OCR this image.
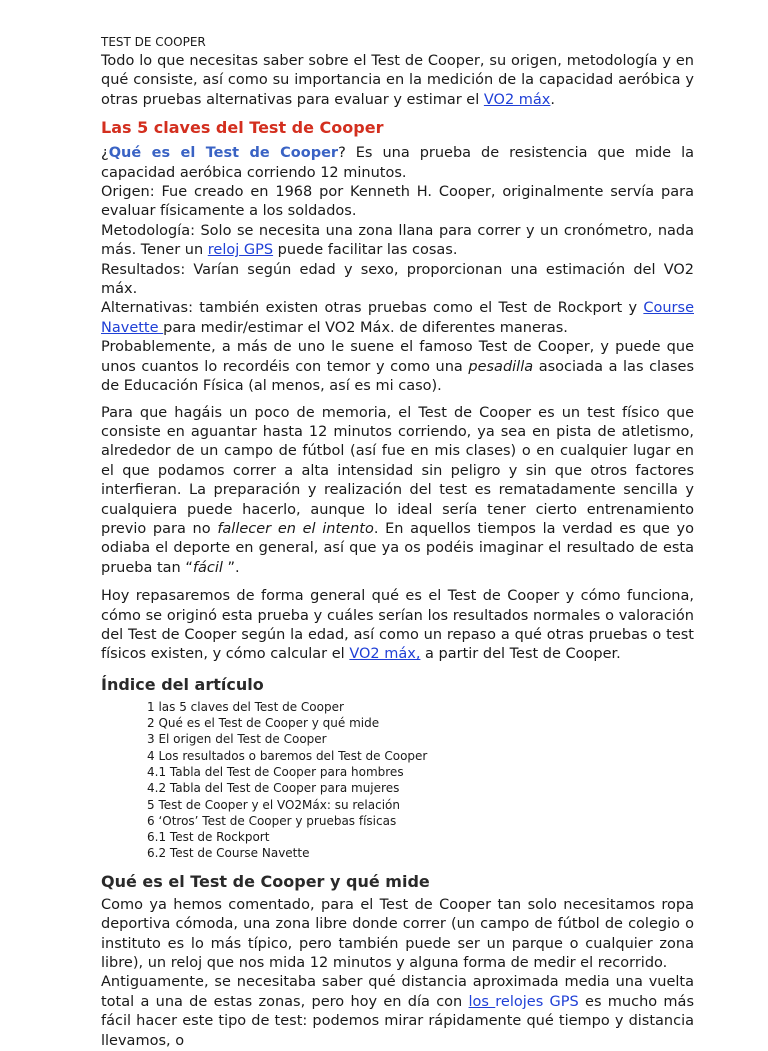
TEST DE COOPER

Todo lo que necesitas saber sobre el Test de Cooper, su origen, metodología y en qué consiste, así como su importancia en la medición de la capacidad aeróbica y otras pruebas alternativas para evaluar y estimar el VO2 máx.

Las 5 claves del Test de Cooper

¿Qué es el Test de Cooper? Es una prueba de resistencia que mide la capacidad aeróbica corriendo 12 minutos.

Origen: Fue creado en 1968 por Kenneth H. Cooper, originalmente servía para evaluar físicamente a los soldados.

Metodología: Solo se necesita una zona llana para correr y un cronómetro, nada más. Tener un reloj GPS puede facilitar las cosas.

Resultados: Varían según edad y sexo, proporcionan una estimación del VO2 máx.

Alternativas: también existen otras pruebas como el Test de Rockport y Course Navette para medir/estimar el VO2 Máx. de diferentes maneras.

Probablemente, a más de uno le suene el famoso Test de Cooper, y puede que unos cuantos lo recordéis con temor y como una pesadilla asociada a las clases de Educación Física (al menos, así es mi caso).

Para que hagáis un poco de memoria, el Test de Cooper es un test físico que consiste en aguantar hasta 12 minutos corriendo, ya sea en pista de atletismo, alrededor de un campo de fútbol (así fue en mis clases) o en cualquier lugar en el que podamos correr a alta intensidad sin peligro y sin que otros factores interfieran. La preparación y realización del test es rematadamente sencilla y cualquiera puede hacerlo, aunque lo ideal sería tener cierto entrenamiento previo para no fallecer en el intento. En aquellos tiempos la verdad es que yo odiaba el deporte en general, así que ya os podéis imaginar el resultado de esta prueba tan “fácil ”.

Hoy repasaremos de forma general qué es el Test de Cooper y cómo funciona, cómo se originó esta prueba y cuáles serían los resultados normales o valoración del Test de Cooper según la edad, así como un repaso a qué otras pruebas o test físicos existen, y cómo calcular el VO2 máx, a partir del Test de Cooper.

Índice del artículo
1 las 5 claves del Test de Cooper
2 Qué es el Test de Cooper y qué mide
3 El origen del Test de Cooper
4 Los resultados o baremos del Test de Cooper
4.1 Tabla del Test de Cooper para hombres
4.2 Tabla del Test de Cooper para mujeres
5 Test de Cooper y el VO2Máx: su relación
6 ‘Otros’ Test de Cooper y pruebas físicas
6.1 Test de Rockport
6.2 Test de Course Navette
Qué es el Test de Cooper y qué mide

Como ya hemos comentado, para el Test de Cooper tan solo necesitamos ropa deportiva cómoda, una zona libre donde correr (un campo de fútbol de colegio o instituto es lo más típico, pero también puede ser un parque o cualquier zona libre), un reloj que nos mida 12 minutos y alguna forma de medir el recorrido.

Antiguamente, se necesitaba saber qué distancia aproximada media una vuelta total a una de estas zonas, pero hoy en día con los relojes GPS es mucho más fácil hacer este tipo de test: podemos mirar rápidamente qué tiempo y distancia llevamos, o
